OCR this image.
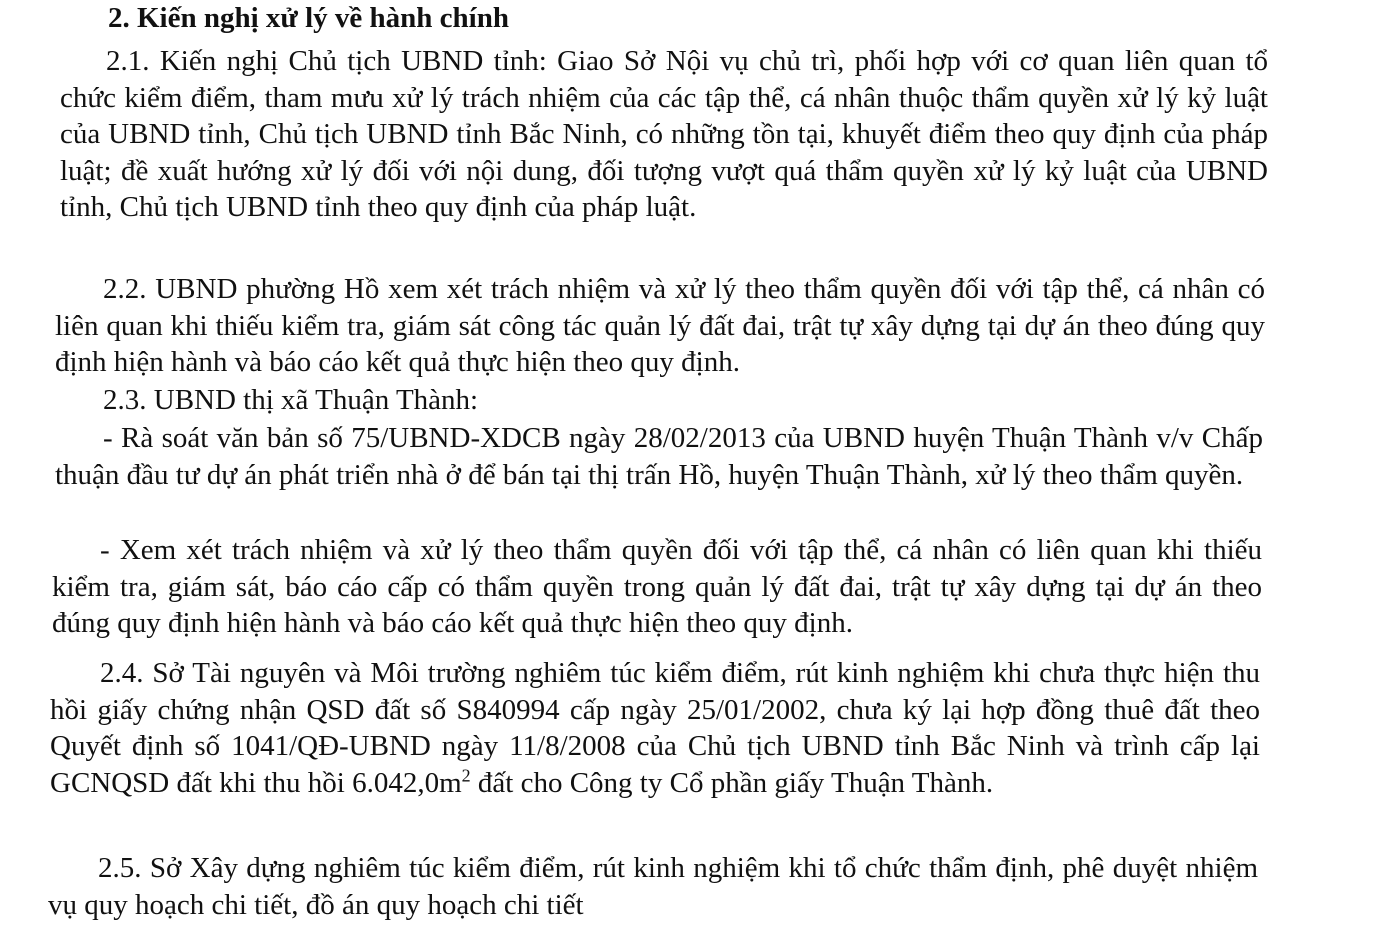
2. Kiến nghị xử lý về hành chính
2.1. Kiến nghị Chủ tịch UBND tỉnh: Giao Sở Nội vụ chủ trì, phối hợp với cơ quan liên quan tổ chức kiểm điểm, tham mưu xử lý trách nhiệm của các tập thể, cá nhân thuộc thẩm quyền xử lý kỷ luật của UBND tỉnh, Chủ tịch UBND tỉnh Bắc Ninh, có những tồn tại, khuyết điểm theo quy định của pháp luật; đề xuất hướng xử lý đối với nội dung, đối tượng vượt quá thẩm quyền xử lý kỷ luật của UBND tỉnh, Chủ tịch UBND tỉnh theo quy định của pháp luật.
2.2. UBND phường Hồ xem xét trách nhiệm và xử lý theo thẩm quyền đối với tập thể, cá nhân có liên quan khi thiếu kiểm tra, giám sát công tác quản lý đất đai, trật tự xây dựng tại dự án theo đúng quy định hiện hành và báo cáo kết quả thực hiện theo quy định.
2.3. UBND thị xã Thuận Thành:
- Rà soát văn bản số 75/UBND-XDCB ngày 28/02/2013 của UBND huyện Thuận Thành v/v Chấp thuận đầu tư dự án phát triển nhà ở để bán tại thị trấn Hồ, huyện Thuận Thành, xử lý theo thẩm quyền.
- Xem xét trách nhiệm và xử lý theo thẩm quyền đối với tập thể, cá nhân có liên quan khi thiếu kiểm tra, giám sát, báo cáo cấp có thẩm quyền trong quản lý đất đai, trật tự xây dựng tại dự án theo đúng quy định hiện hành và báo cáo kết quả thực hiện theo quy định.
2.4. Sở Tài nguyên và Môi trường nghiêm túc kiểm điểm, rút kinh nghiệm khi chưa thực hiện thu hồi giấy chứng nhận QSD đất số S840994 cấp ngày 25/01/2002, chưa ký lại hợp đồng thuê đất theo Quyết định số 1041/QĐ-UBND ngày 11/8/2008 của Chủ tịch UBND tỉnh Bắc Ninh và trình cấp lại GCNQSD đất khi thu hồi $6.042,0m^2$ đất cho Công ty Cổ phần giấy Thuận Thành.
2.5. Sở Xây dựng nghiêm túc kiểm điểm, rút kinh nghiệm khi tổ chức thẩm định, phê duyệt nhiệm vụ quy hoạch chi tiết, đồ án quy hoạch chi tiết
